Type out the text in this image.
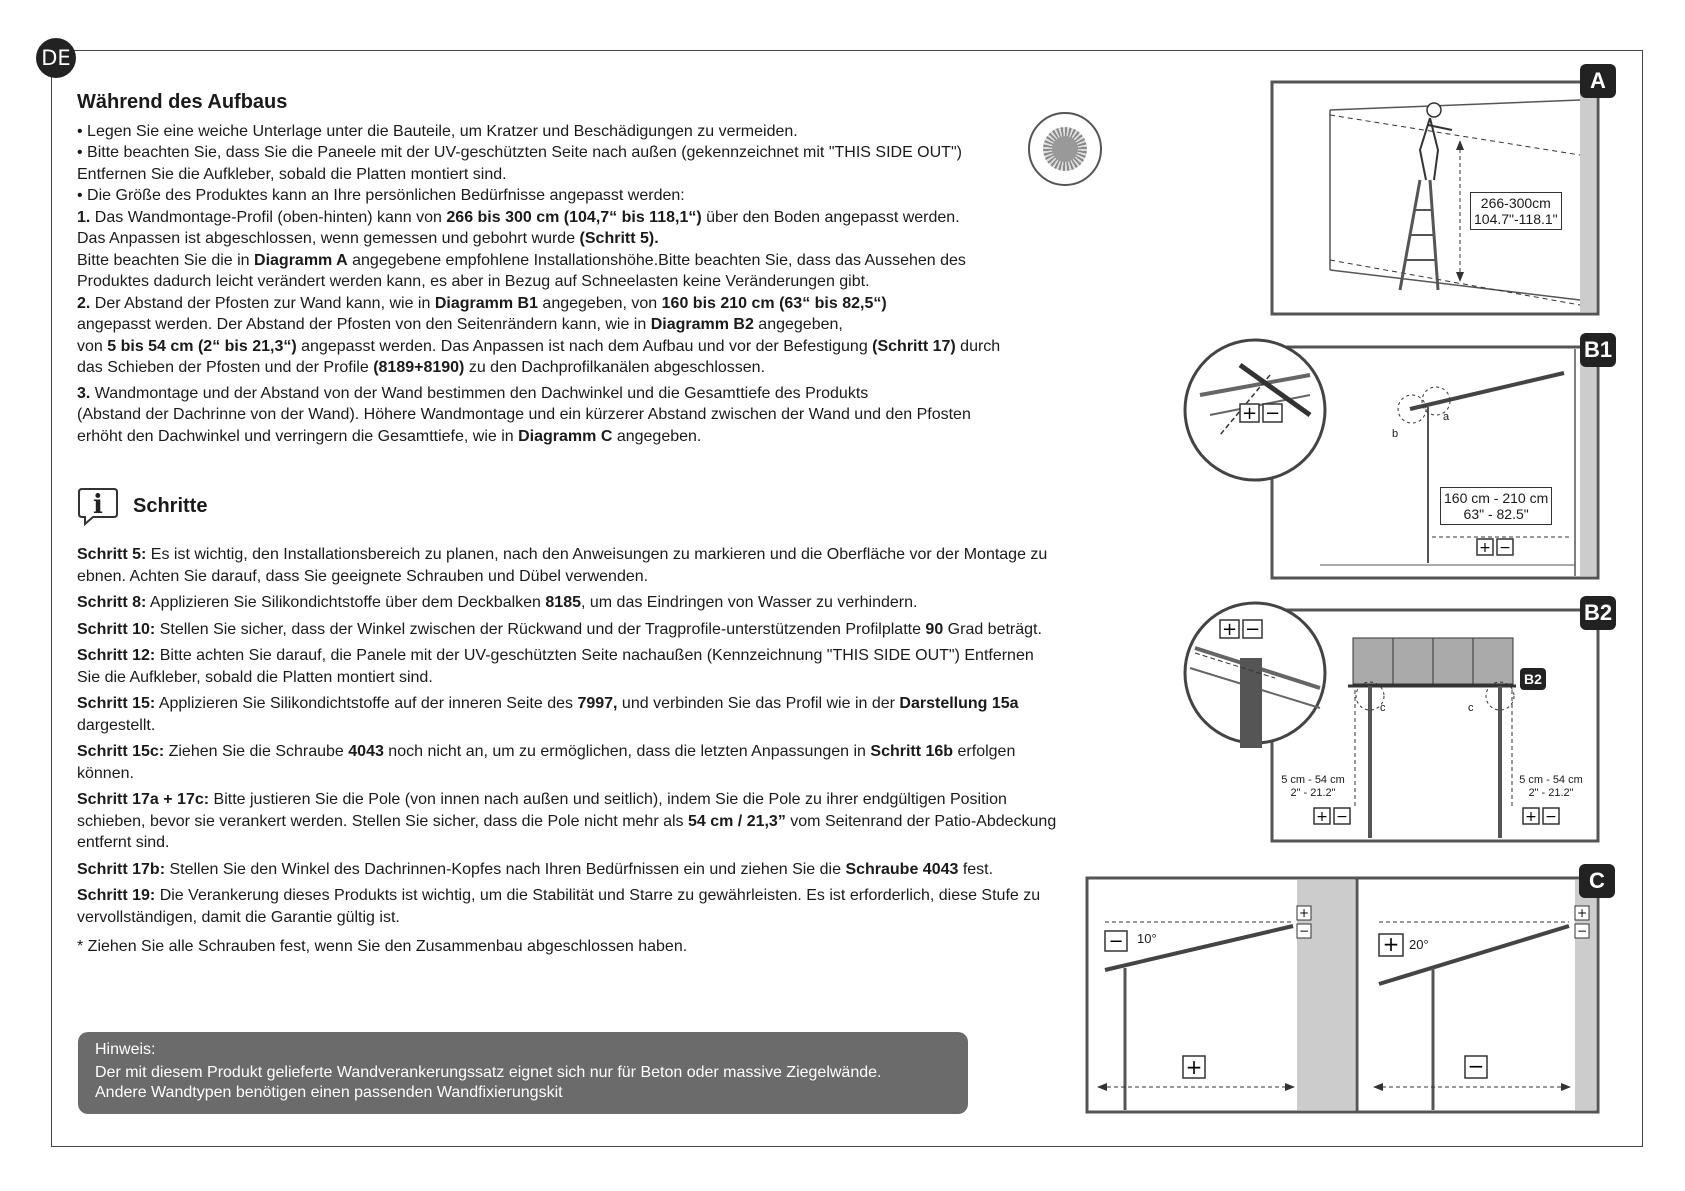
DE
Während des Aufbaus
• Legen Sie eine weiche Unterlage unter die Bauteile, um Kratzer und Beschädigungen zu vermeiden.
• Bitte beachten Sie, dass Sie die Paneele mit der UV-geschützten Seite nach außen (gekennzeichnet mit "THIS SIDE OUT")
Entfernen Sie die Aufkleber, sobald die Platten montiert sind.
• Die Größe des Produktes kann an Ihre persönlichen Bedürfnisse angepasst werden:
1. Das Wandmontage-Profil (oben-hinten) kann von 266 bis 300 cm (104,7“ bis 118,1“) über den Boden angepasst werden.
Das Anpassen ist abgeschlossen, wenn gemessen und gebohrt wurde (Schritt 5).
Bitte beachten Sie die in Diagramm A angegebene empfohlene Installationshöhe.Bitte beachten Sie, dass das Aussehen des
Produktes dadurch leicht verändert werden kann, es aber in Bezug auf Schneelasten keine Veränderungen gibt.
2. Der Abstand der Pfosten zur Wand kann, wie in Diagramm B1 angegeben, von 160 bis 210 cm (63“ bis 82,5“)
angepasst werden. Der Abstand der Pfosten von den Seitenrändern kann, wie in Diagramm B2 angegeben,
von 5 bis 54 cm (2“ bis 21,3“) angepasst werden. Das Anpassen ist nach dem Aufbau und vor der Befestigung (Schritt 17) durch
das Schieben der Pfosten und der Profile (8189+8190) zu den Dachprofilkanälen abgeschlossen.
3. Wandmontage und der Abstand von der Wand bestimmen den Dachwinkel und die Gesamttiefe des Produkts
(Abstand der Dachrinne von der Wand). Höhere Wandmontage und ein kürzerer Abstand zwischen der Wand und den Pfosten
erhöht den Dachwinkel und verringern die Gesamttiefe, wie in Diagramm C angegeben.
i Schritte
Schritt 5: Es ist wichtig, den Installationsbereich zu planen, nach den Anweisungen zu markieren und die Oberfläche vor der Montage zu ebnen. Achten Sie darauf, dass Sie geeignete Schrauben und Dübel verwenden.
Schritt 8: Applizieren Sie Silikondichtstoffe über dem Deckbalken 8185, um das Eindringen von Wasser zu verhindern.
Schritt 10: Stellen Sie sicher, dass der Winkel zwischen der Rückwand und der Tragprofile-unterstützenden Profilplatte 90 Grad beträgt.
Schritt 12: Bitte achten Sie darauf, die Panele mit der UV-geschützten Seite nachaußen (Kennzeichnung "THIS SIDE OUT") Entfernen Sie die Aufkleber, sobald die Platten montiert sind.
Schritt 15: Applizieren Sie Silikondichtstoffe auf der inneren Seite des 7997, und verbinden Sie das Profil wie in der Darstellung 15a dargestellt.
Schritt 15c: Ziehen Sie die Schraube 4043 noch nicht an, um zu ermöglichen, dass die letzten Anpassungen in Schritt 16b erfolgen können.
Schritt 17a + 17c: Bitte justieren Sie die Pole (von innen nach außen und seitlich), indem Sie die Pole zu ihrer endgültigen Position schieben, bevor sie verankert werden. Stellen Sie sicher, dass die Pole nicht mehr als 54 cm / 21,3” vom Seitenrand der Patio-Abdeckung entfernt sind.
Schritt 17b: Stellen Sie den Winkel des Dachrinnen-Kopfes nach Ihren Bedürfnissen ein und ziehen Sie die Schraube 4043 fest.
Schritt 19: Die Verankerung dieses Produkts ist wichtig, um die Stabilität und Starre zu gewährleisten. Es ist erforderlich, diese Stufe zu vervollständigen, damit die Garantie gültig ist.
* Ziehen Sie alle Schrauben fest, wenn Sie den Zusammenbau abgeschlossen haben.
Hinweis:
Der mit diesem Produkt gelieferte Wandverankerungssatz eignet sich nur für Beton oder massive Ziegelwände.
Andere Wandtypen benötigen einen passenden Wandfixierungskit
A
266-300cm
104.7"-118.1"
+ −
+ −
B1
a
b
160 cm - 210 cm
63" - 82.5"
+ −
+ −	+ −
B2
B2
c	c
5 cm - 54 cm
2" - 21.2"
5 cm - 54 cm
2" - 21.2"
−
+
+
−
+
−
+
−
C
10°	20°
